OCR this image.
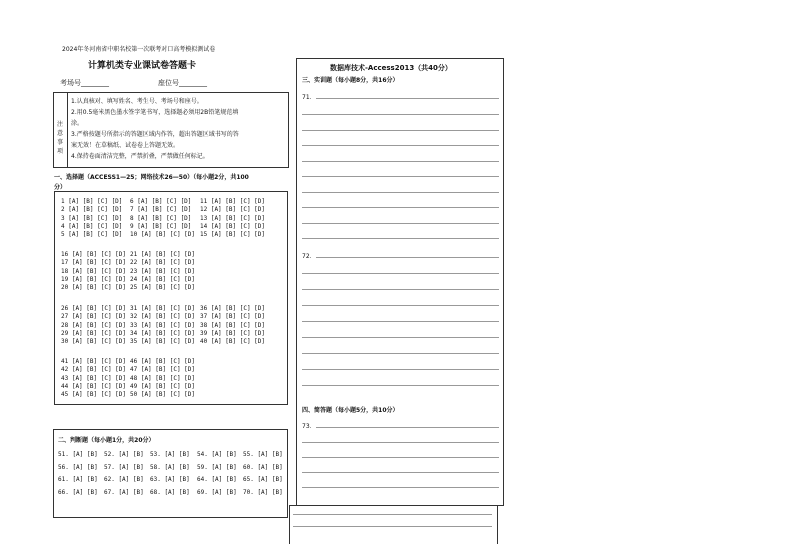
2024年冬河南省中职名校第一次联考对口高考模拟测试卷
计算机类专业课试卷答题卡
考场号________	座位号________
注意事项
1.认真核对、填写姓名、考生号、考场号和座号。
2.用0.5毫米黑色墨水签字笔书写，选择题必须用2B铅笔规范填
涂。
3.严格按题号所指示的答题区域内作答，超出答题区域书写的答
案无效！在草稿纸、试卷卷上答题无效。
4.保持卷面清洁完整，严禁折叠，严禁做任何标记。
一、选择题（ACCESS1—25；网络技术26—50）（每小题2分，共100
分）
1 [A] [B] [C] [D]
2 [A] [B] [C] [D]
3 [A] [B] [C] [D]
4 [A] [B] [C] [D]
5 [A] [B] [C] [D]
6 [A] [B] [C] [D]
7 [A] [B] [C] [D]
8 [A] [B] [C] [D]
9 [A] [B] [C] [D]
10 [A] [B] [C] [D]
11 [A] [B] [C] [D]
12 [A] [B] [C] [D]
13 [A] [B] [C] [D]
14 [A] [B] [C] [D]
15 [A] [B] [C] [D]
16 [A] [B] [C] [D]
17 [A] [B] [C] [D]
18 [A] [B] [C] [D]
19 [A] [B] [C] [D]
20 [A] [B] [C] [D]
21 [A] [B] [C] [D]
22 [A] [B] [C] [D]
23 [A] [B] [C] [D]
24 [A] [B] [C] [D]
25 [A] [B] [C] [D]
26 [A] [B] [C] [D]
27 [A] [B] [C] [D]
28 [A] [B] [C] [D]
29 [A] [B] [C] [D]
30 [A] [B] [C] [D]
31 [A] [B] [C] [D]
32 [A] [B] [C] [D]
33 [A] [B] [C] [D]
34 [A] [B] [C] [D]
35 [A] [B] [C] [D]
36 [A] [B] [C] [D]
37 [A] [B] [C] [D]
38 [A] [B] [C] [D]
39 [A] [B] [C] [D]
40 [A] [B] [C] [D]
41 [A] [B] [C] [D]
42 [A] [B] [C] [D]
43 [A] [B] [C] [D]
44 [A] [B] [C] [D]
45 [A] [B] [C] [D]
46 [A] [B] [C] [D]
47 [A] [B] [C] [D]
48 [A] [B] [C] [D]
49 [A] [B] [C] [D]
50 [A] [B] [C] [D]
二、判断题（每小题1分，共20分）
51. [A] [B] 52. [A] [B] 53. [A] [B] 54. [A] [B] 55. [A] [B]
56. [A] [B] 57. [A] [B] 58. [A] [B] 59. [A] [B] 60. [A] [B]
61. [A] [B] 62. [A] [B] 63. [A] [B] 64. [A] [B] 65. [A] [B]
66. [A] [B] 67. [A] [B] 68. [A] [B] 69. [A] [B] 70. [A] [B]
数据库技术-Access2013（共40分）
三、实训题（每小题8分，共16分）
71．
72．
四、简答题（每小题5分，共10分）
73．
